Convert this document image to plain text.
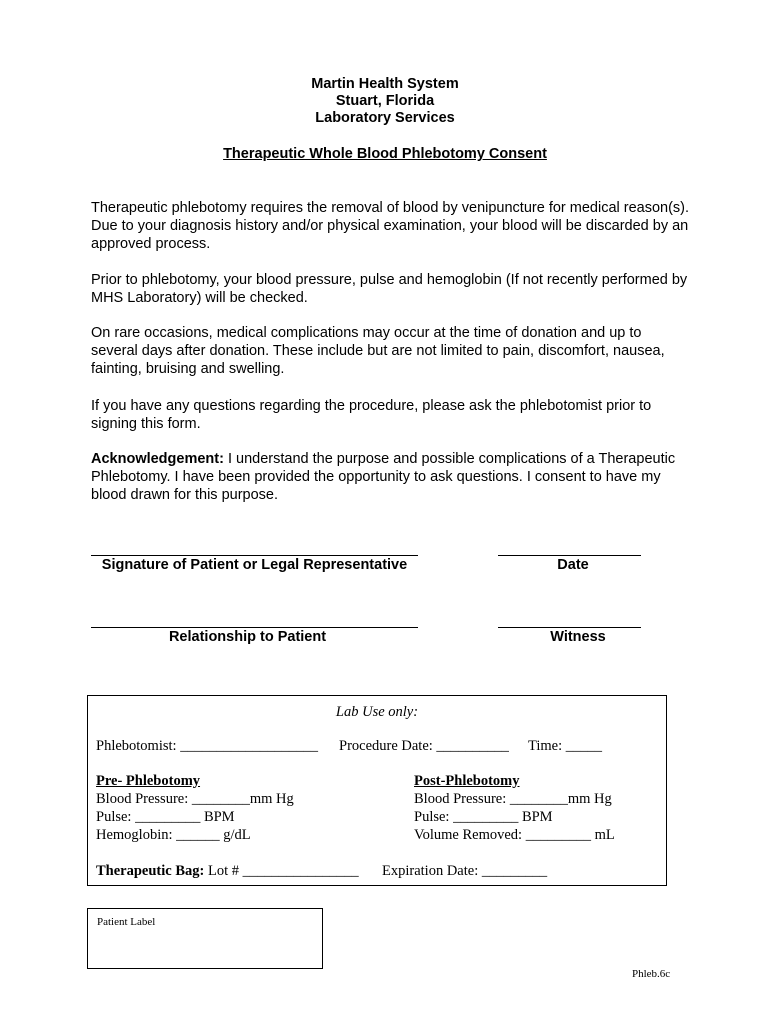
Martin Health System
Stuart, Florida
Laboratory Services
Therapeutic Whole Blood Phlebotomy Consent
Therapeutic phlebotomy requires the removal of blood by venipuncture for medical reason(s). Due to your diagnosis history and/or physical examination, your blood will be discarded by an approved process.
Prior to phlebotomy, your blood pressure, pulse and hemoglobin (If not recently performed by MHS Laboratory) will be checked.
On rare occasions, medical complications may occur at the time of donation and up to several days after donation. These include but are not limited to pain, discomfort, nausea, fainting, bruising and swelling.
If you have any questions regarding the procedure, please ask the phlebotomist prior to signing this form.
Acknowledgement: I understand the purpose and possible complications of a Therapeutic Phlebotomy. I have been provided the opportunity to ask questions. I consent to have my blood drawn for this purpose.
Signature of Patient or Legal Representative	Date
Relationship to Patient	Witness
Lab Use only:
Phlebotomist: ___________________ Procedure Date: __________ Time: _____
Pre- Phlebotomy
Blood Pressure: ________mm Hg
Pulse: _________ BPM
Hemoglobin: ______ g/dL
Post-Phlebotomy
Blood Pressure: ________mm Hg
Pulse: _________ BPM
Volume Removed: _________ mL
Therapeutic Bag: Lot # ________________ Expiration Date: _________
Patient Label
Phleb.6c
